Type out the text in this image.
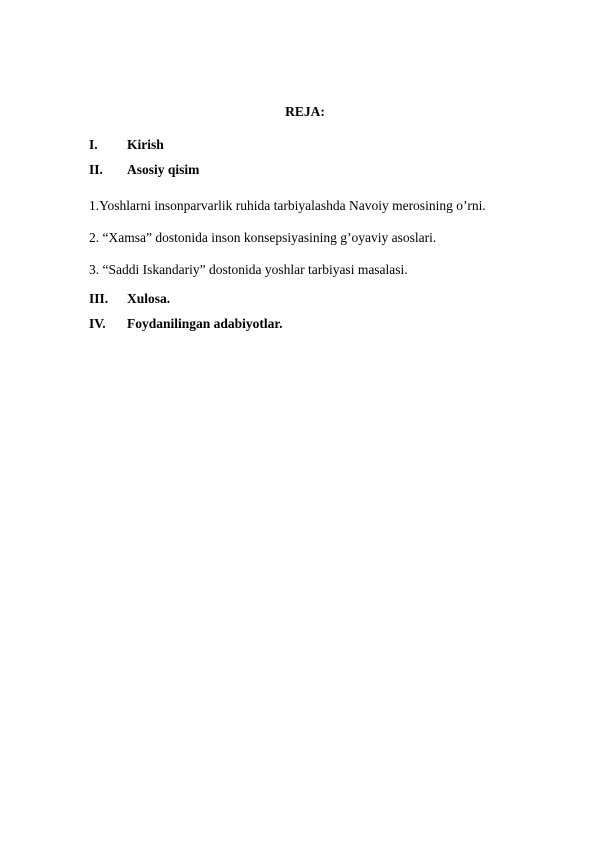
REJA:
I. Kirish
II. Asosiy qisim
1.Yoshlarni insonparvarlik ruhida tarbiyalashda Navoiy merosining o’rni.
2. “Xamsa” dostonida inson konsepsiyasining g’oyaviy asoslari.
3. “Saddi Iskandariy” dostonida yoshlar tarbiyasi masalasi.
III. Xulosa.
IV. Foydanilingan adabiyotlar.
